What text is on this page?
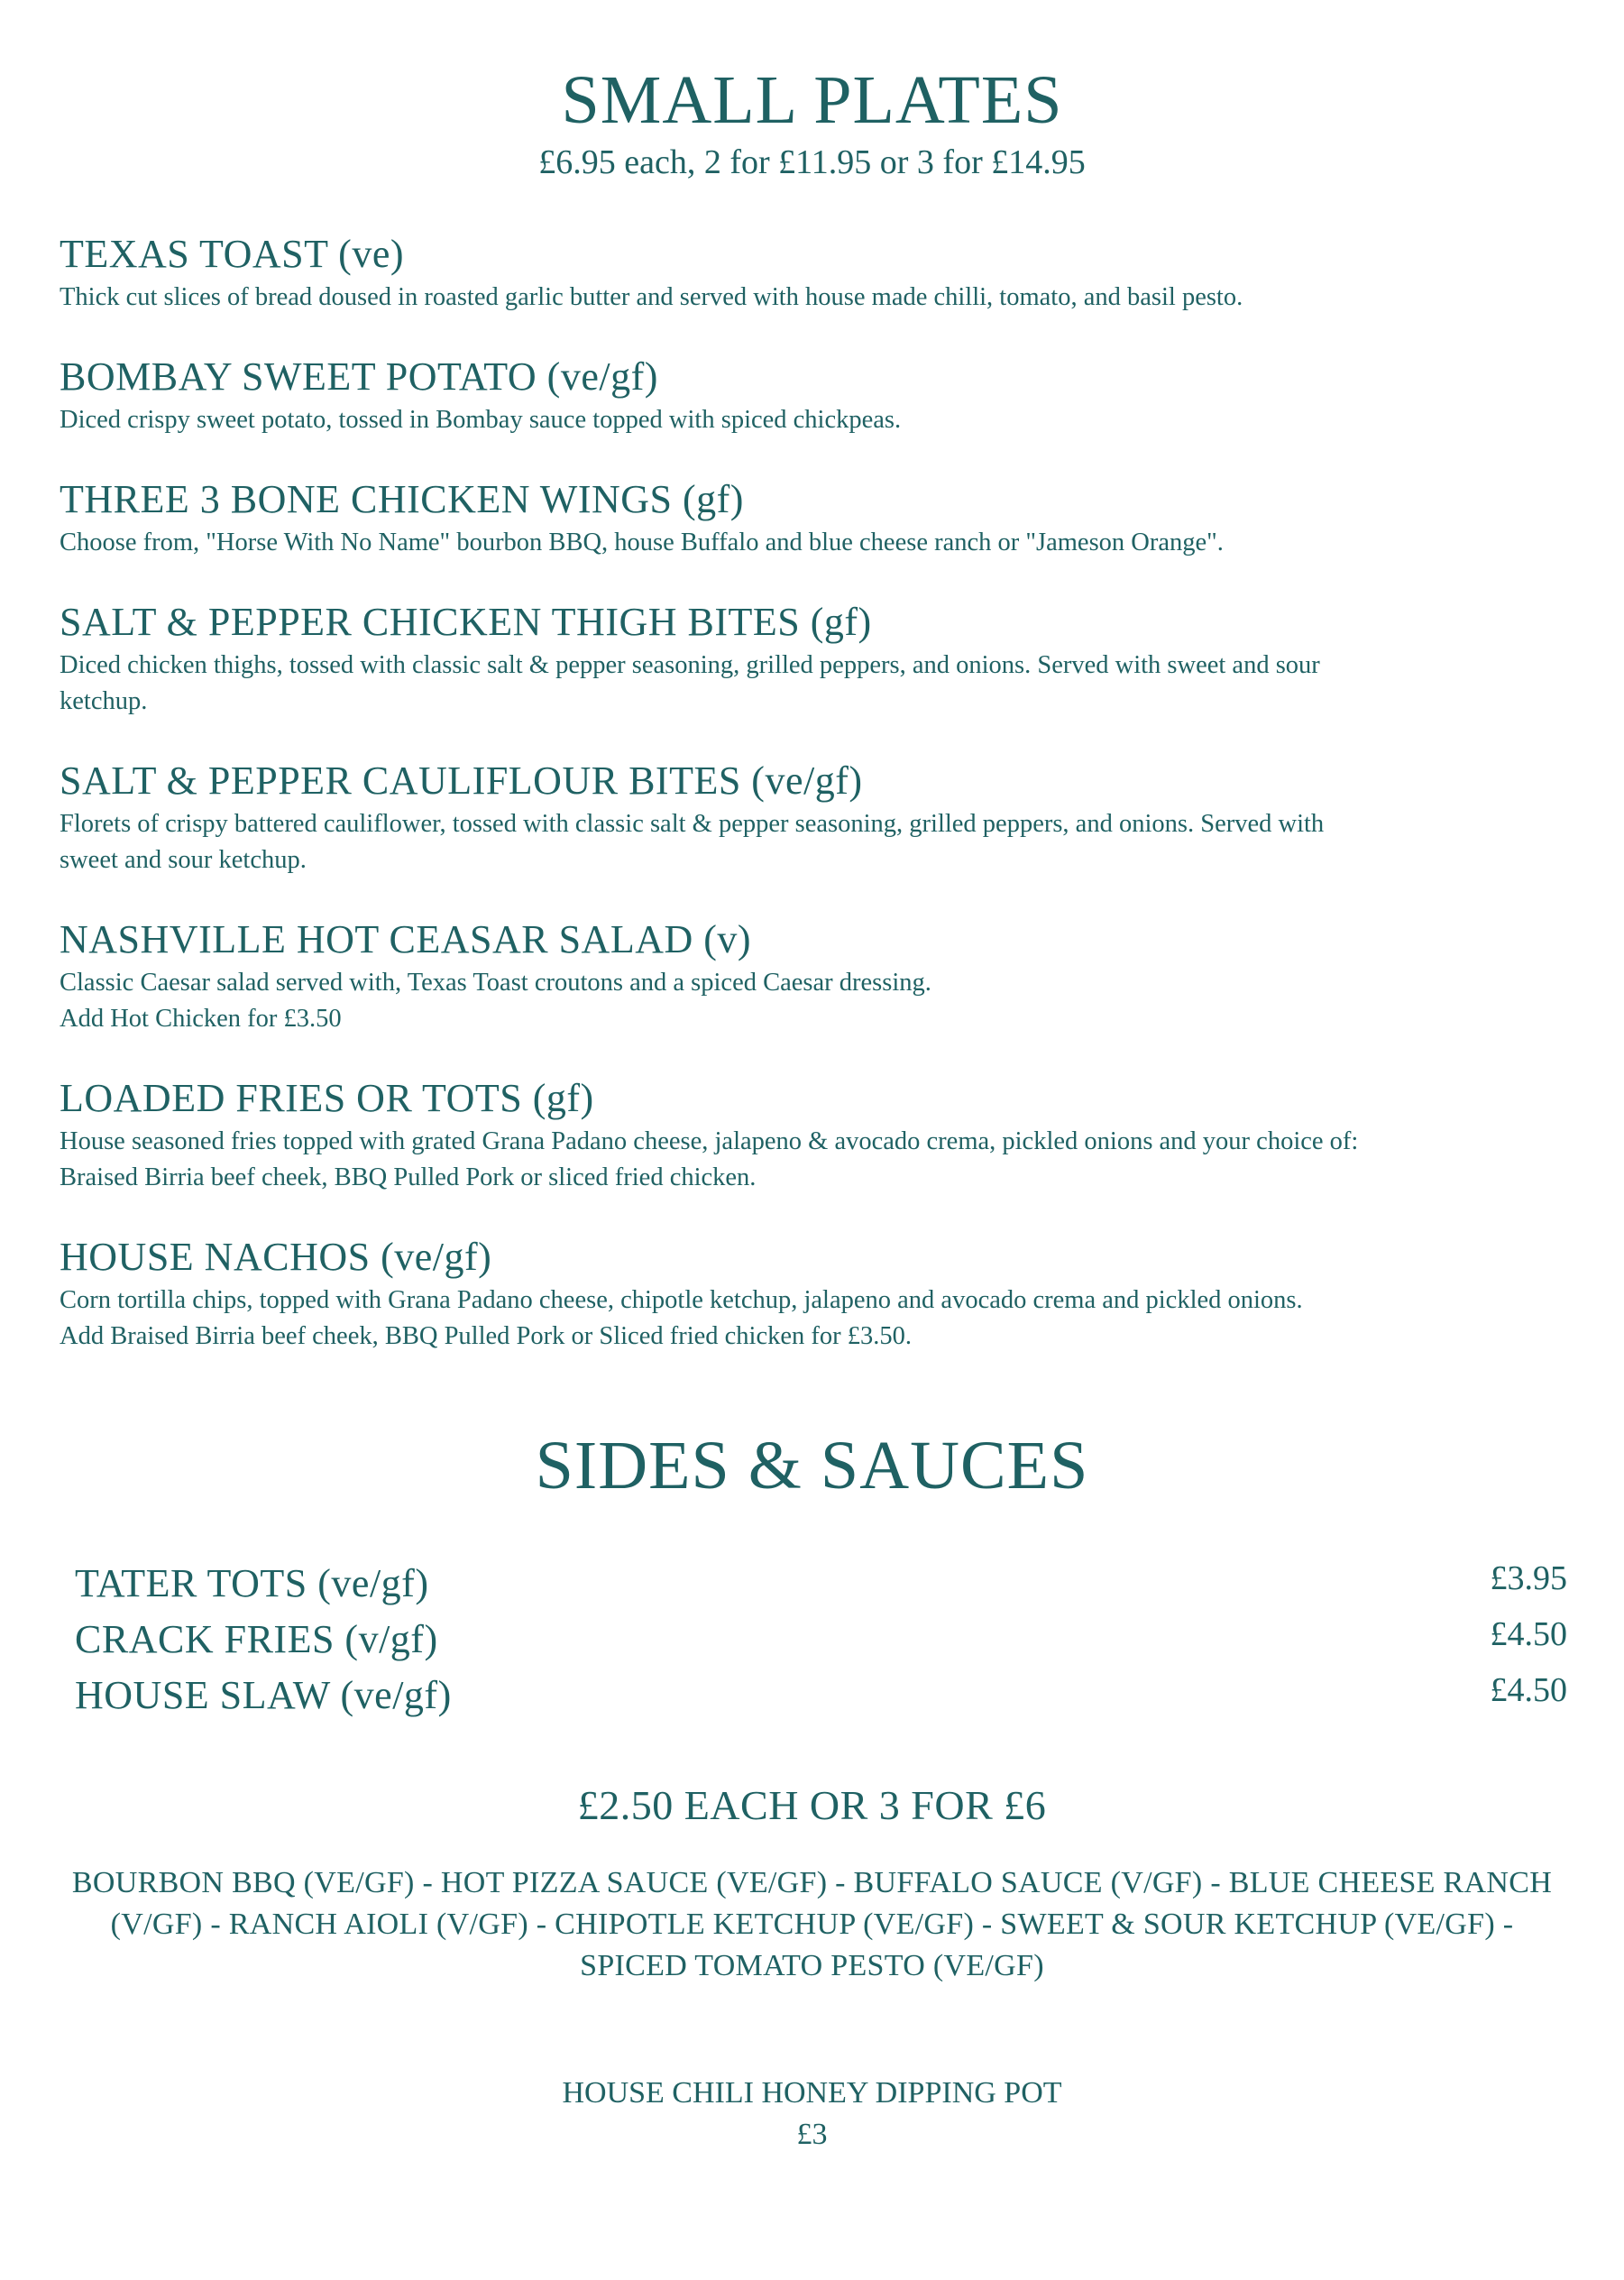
SMALL PLATES
£6.95 each, 2 for £11.95 or 3 for £14.95
TEXAS TOAST (ve)
Thick cut slices of bread doused in roasted garlic butter and served with house made chilli, tomato, and basil pesto.
BOMBAY SWEET POTATO (ve/gf)
Diced crispy sweet potato, tossed in Bombay sauce topped with spiced chickpeas.
THREE 3 BONE CHICKEN WINGS (gf)
Choose from, "Horse With No Name" bourbon BBQ, house Buffalo and blue cheese ranch or "Jameson Orange".
SALT & PEPPER CHICKEN THIGH BITES (gf)
Diced chicken thighs, tossed with classic salt & pepper seasoning, grilled peppers, and onions. Served with sweet and sour
ketchup.
SALT & PEPPER CAULIFLOUR BITES (ve/gf)
Florets of crispy battered cauliflower, tossed with classic salt & pepper seasoning, grilled peppers, and onions. Served with
sweet and sour ketchup.
NASHVILLE HOT CEASAR SALAD (v)
Classic Caesar salad served with, Texas Toast croutons and a spiced Caesar dressing.
Add Hot Chicken for £3.50
LOADED FRIES OR TOTS (gf)
House seasoned fries topped with grated Grana Padano cheese, jalapeno & avocado crema, pickled onions and your choice of:
Braised Birria beef cheek, BBQ Pulled Pork or sliced fried chicken.
HOUSE NACHOS (ve/gf)
Corn tortilla chips, topped with Grana Padano cheese, chipotle ketchup, jalapeno and avocado crema and pickled onions.
Add Braised Birria beef cheek, BBQ Pulled Pork or Sliced fried chicken for £3.50.
SIDES & SAUCES
TATER TOTS (ve/gf)	£3.95
CRACK FRIES (v/gf)	£4.50
HOUSE SLAW (ve/gf)	£4.50
£2.50 EACH OR 3 FOR £6
BOURBON BBQ (VE/GF) - HOT PIZZA SAUCE (VE/GF) - BUFFALO SAUCE (V/GF) - BLUE CHEESE RANCH
(V/GF) - RANCH AIOLI (V/GF) - CHIPOTLE KETCHUP (VE/GF) - SWEET & SOUR KETCHUP (VE/GF) -
SPICED TOMATO PESTO (VE/GF)
HOUSE CHILI HONEY DIPPING POT
£3
